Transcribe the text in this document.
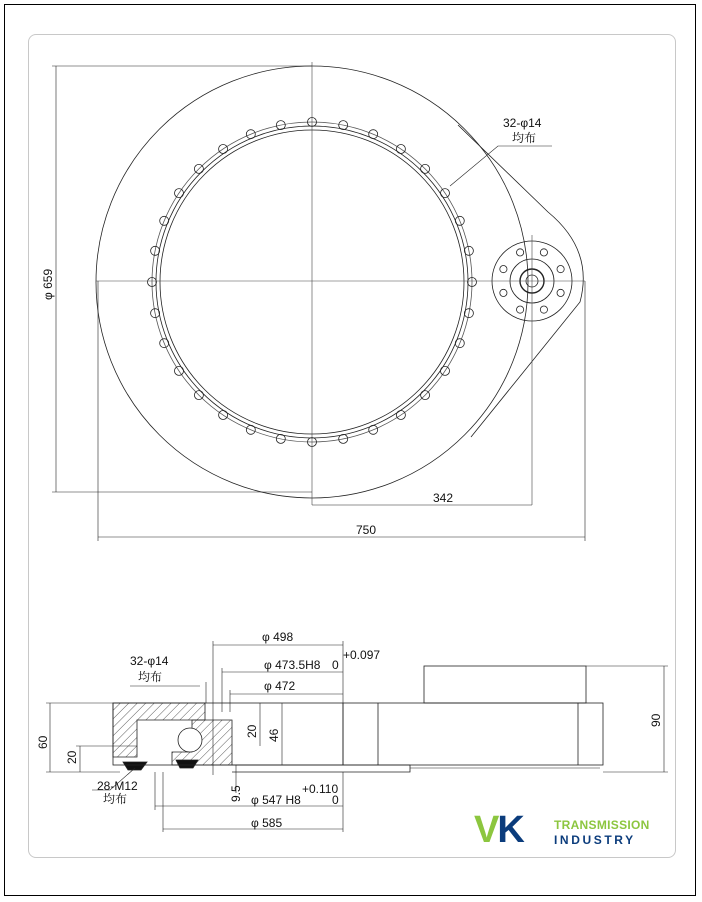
φ 659
342
750
32-φ14
均布
φ 498
φ 473.5H8
+0.097
0
φ 472
32-φ14
均布
60
20
20 46
9.5
28-M12
均布	φ 547 H8
+0.110
0
φ 585
90
VK	TRANSMISSION
INDUSTRY
